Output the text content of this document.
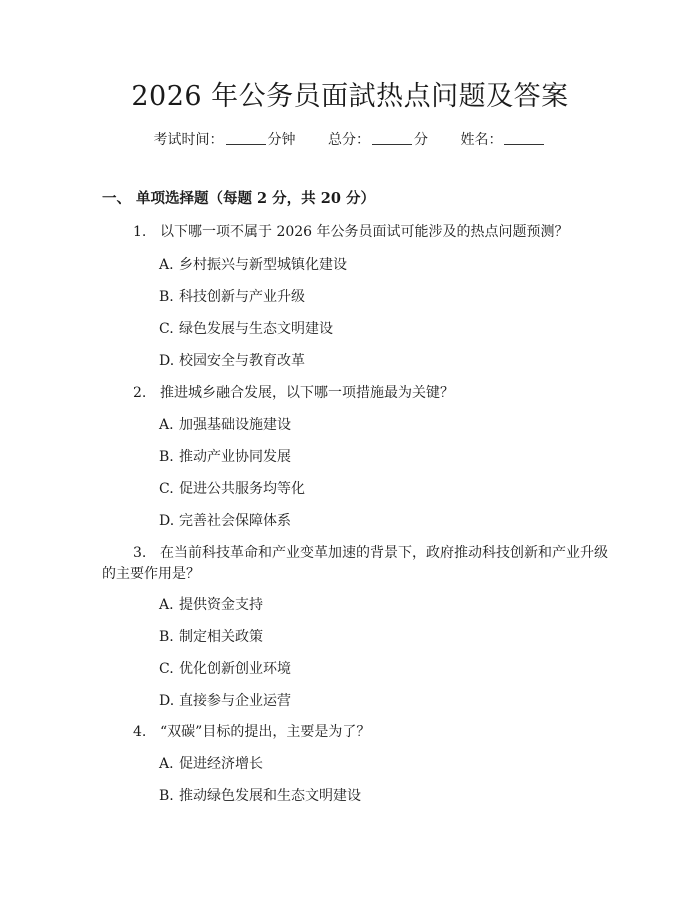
2026 年公务员面試热点问题及答案
考试时间：	分钟 总分：	分 姓名：
一、 单项选择题（每题 2 分，共 20 分）
1. 以下哪一项不属于 2026 年公务员面试可能涉及的热点问题预测？
A. 乡村振兴与新型城镇化建设
B. 科技创新与产业升级
C. 绿色发展与生态文明建设
D. 校园安全与教育改革
2. 推进城乡融合发展，以下哪一项措施最为关键？
A. 加强基础设施建设
B. 推动产业协同发展
C. 促进公共服务均等化
D. 完善社会保障体系
3. 在当前科技革命和产业变革加速的背景下，政府推动科技创新和产业升级
的主要作用是？
A. 提供资金支持
B. 制定相关政策
C. 优化创新创业环境
D. 直接参与企业运营
4. “双碳”目标的提出，主要是为了？
A. 促进经济增长
B. 推动绿色发展和生态文明建设
